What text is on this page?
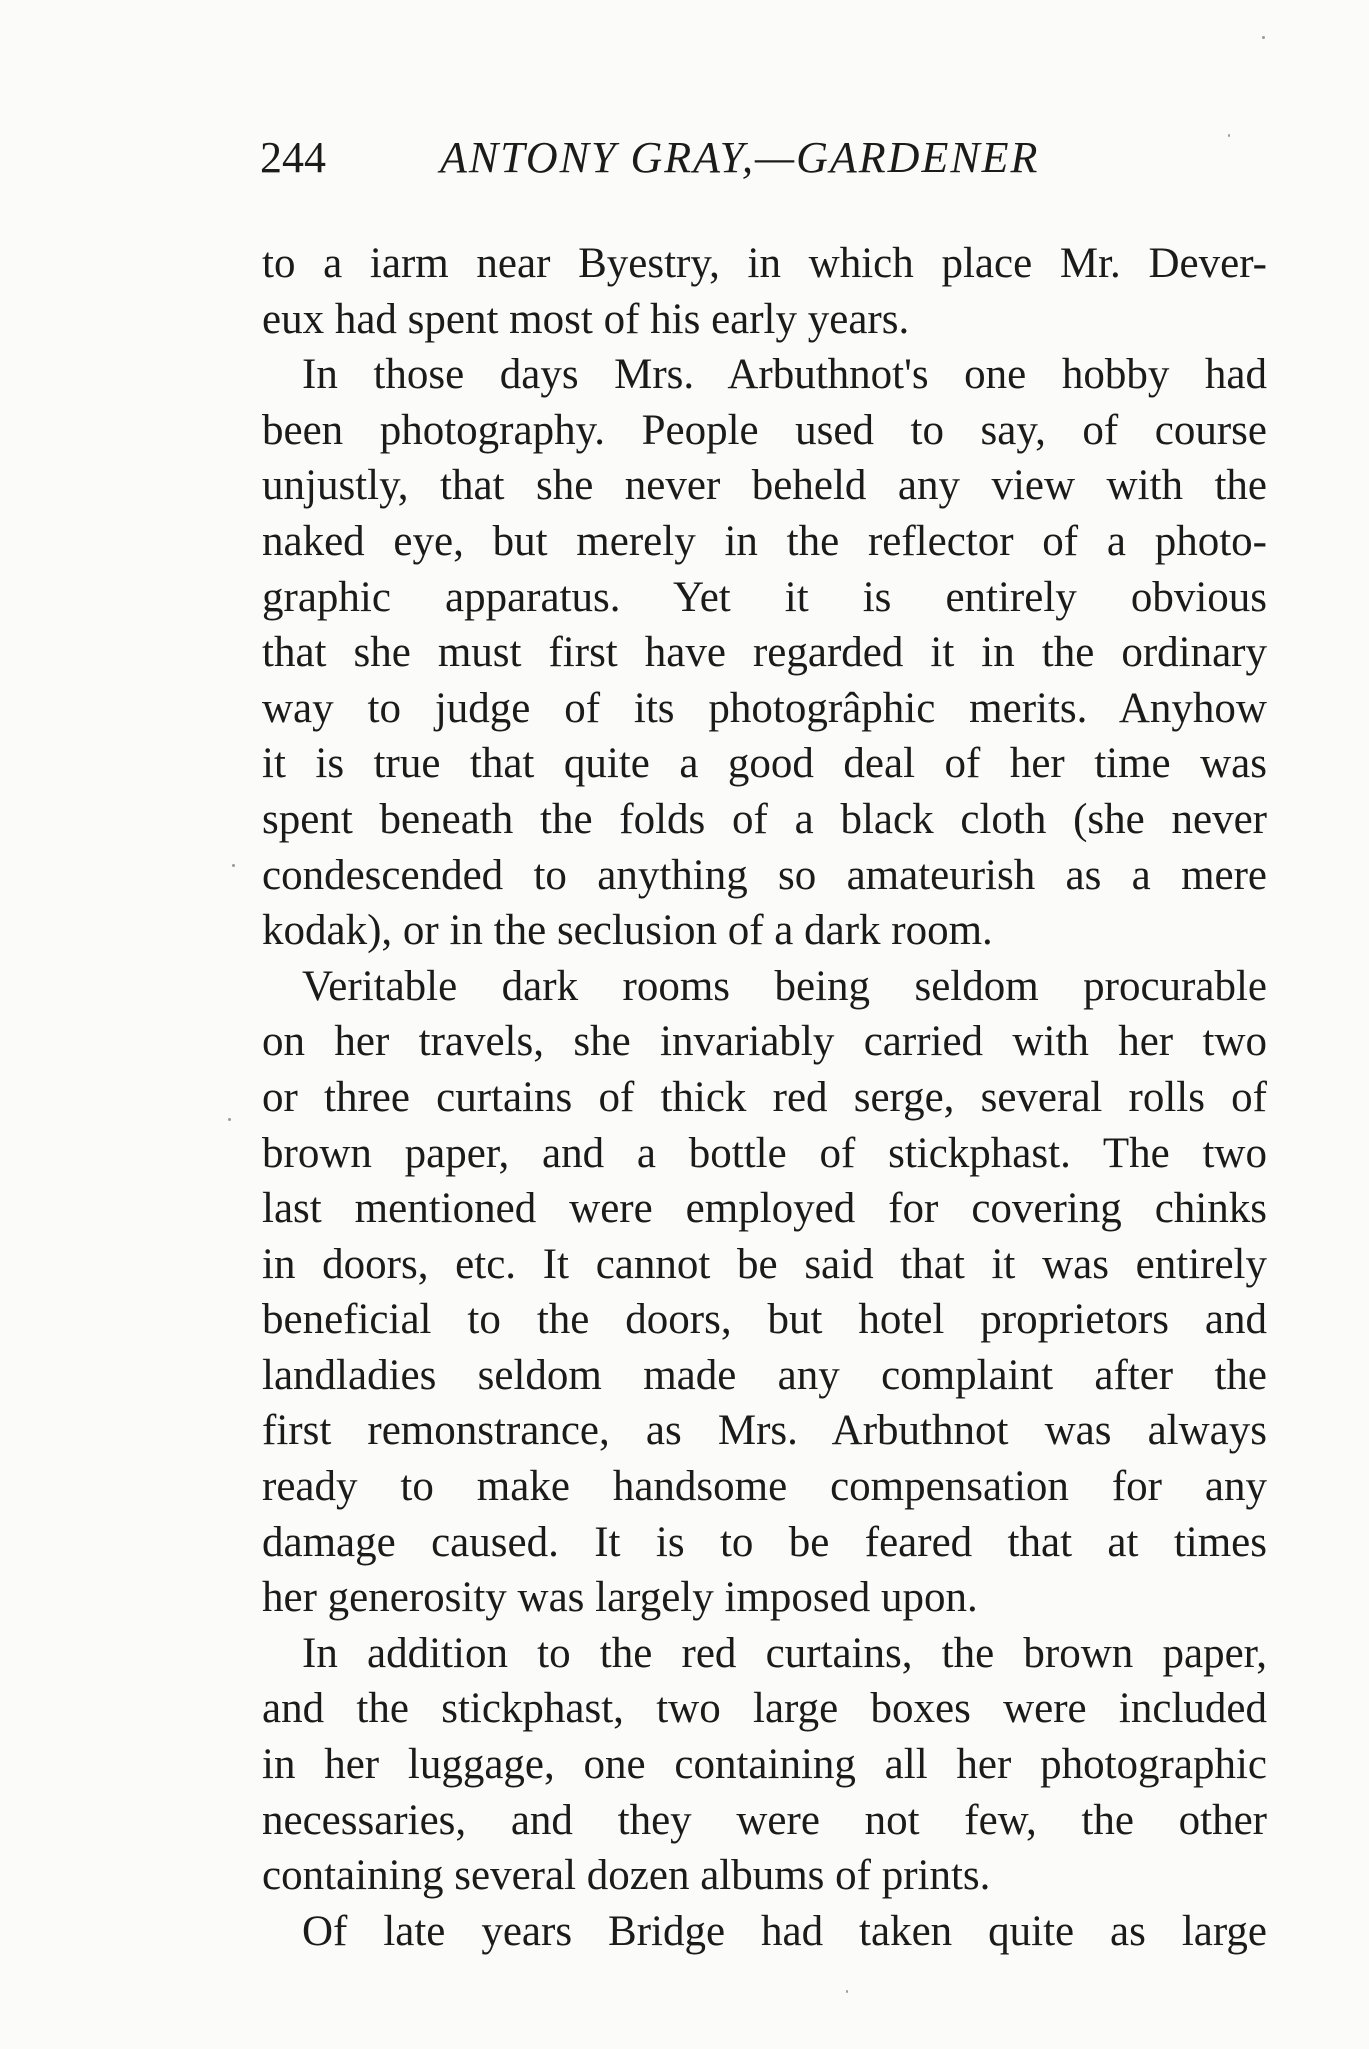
244	ANTONY GRAY,—GARDENER
to a iarm near Byestry, in which place Mr. Dever-
eux had spent most of his early years.
In those days Mrs. Arbuthnot's one hobby had
been photography. People used to say, of course
unjustly, that she never beheld any view with the
naked eye, but merely in the reflector of a photo-
graphic apparatus. Yet it is entirely obvious
that she must first have regarded it in the ordinary
way to judge of its photogrâphic merits. Anyhow
it is true that quite a good deal of her time was
spent beneath the folds of a black cloth (she never
condescended to anything so amateurish as a mere
kodak), or in the seclusion of a dark room.
Veritable dark rooms being seldom procurable
on her travels, she invariably carried with her two
or three curtains of thick red serge, several rolls of
brown paper, and a bottle of stickphast. The two
last mentioned were employed for covering chinks
in doors, etc. It cannot be said that it was entirely
beneficial to the doors, but hotel proprietors and
landladies seldom made any complaint after the
first remonstrance, as Mrs. Arbuthnot was always
ready to make handsome compensation for any
damage caused. It is to be feared that at times
her generosity was largely imposed upon.
In addition to the red curtains, the brown paper,
and the stickphast, two large boxes were included
in her luggage, one containing all her photographic
necessaries, and they were not few, the other
containing several dozen albums of prints.
Of late years Bridge had taken quite as large
